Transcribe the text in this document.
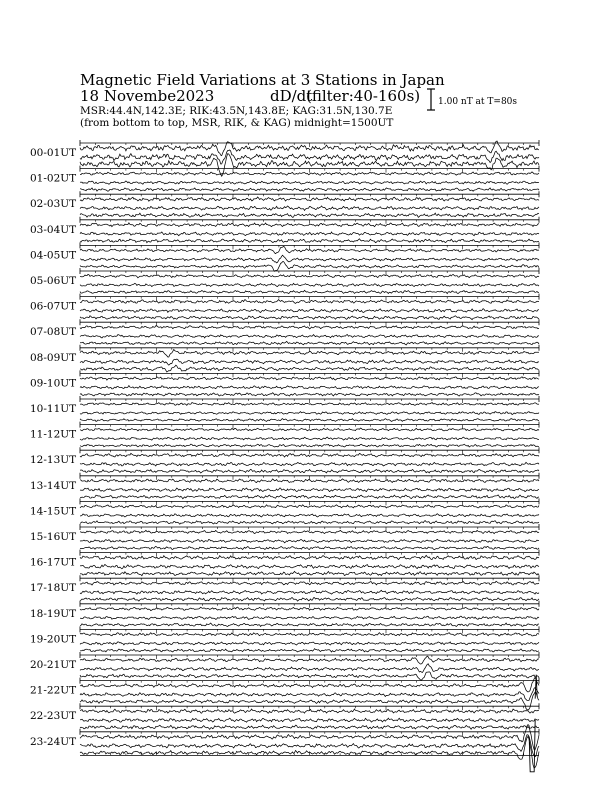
Magnetic Field Variations at 3 Stations in Japan
18 Novembe2023	dD/dt
(filter:40-160s)
MSR:44.4N,142.3E; RIK:43.5N,143.8E; KAG:31.5N,130.7E
(from bottom to top, MSR, RIK, & KAG) midnight=1500UT
1.00 nT at T=80s
00-01UT
01-02UT
02-03UT
03-04UT
04-05UT
05-06UT
06-07UT
07-08UT
08-09UT
09-10UT
10-11UT
11-12UT
12-13UT
13-14UT
14-15UT
15-16UT
16-17UT
17-18UT
18-19UT
19-20UT
20-21UT
21-22UT
22-23UT
23-24UT
